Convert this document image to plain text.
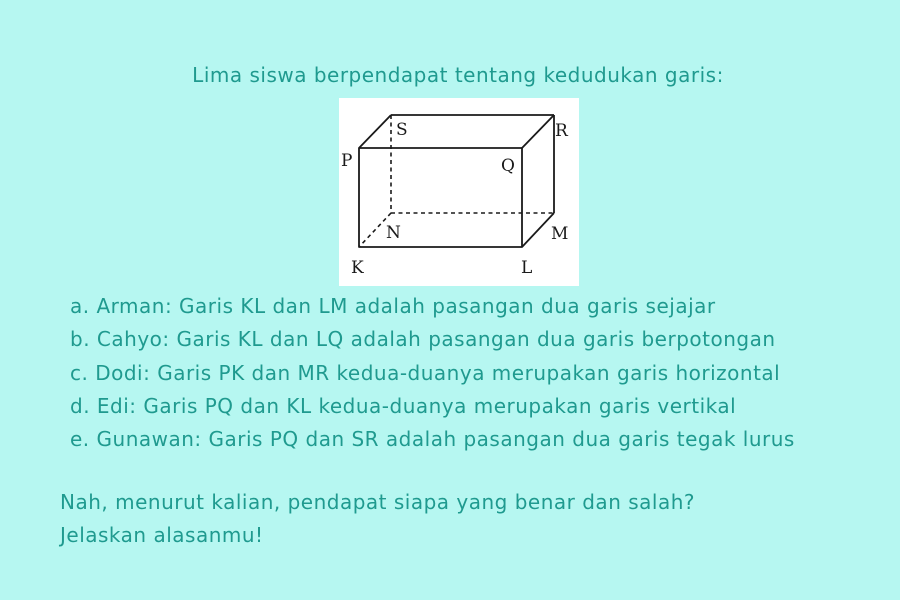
Lima siswa berpendapat tentang kedudukan garis:
P	Q
R
S
K	L
M
N
a. Arman: Garis KL dan LM adalah pasangan dua garis sejajar
b. Cahyo: Garis KL dan LQ adalah pasangan dua garis berpotongan
c. Dodi: Garis PK dan MR kedua-duanya merupakan garis horizontal
d. Edi: Garis PQ dan KL kedua-duanya merupakan garis vertikal
e. Gunawan: Garis PQ dan SR adalah pasangan dua garis tegak lurus
Nah, menurut kalian, pendapat siapa yang benar dan salah?
Jelaskan alasanmu!
